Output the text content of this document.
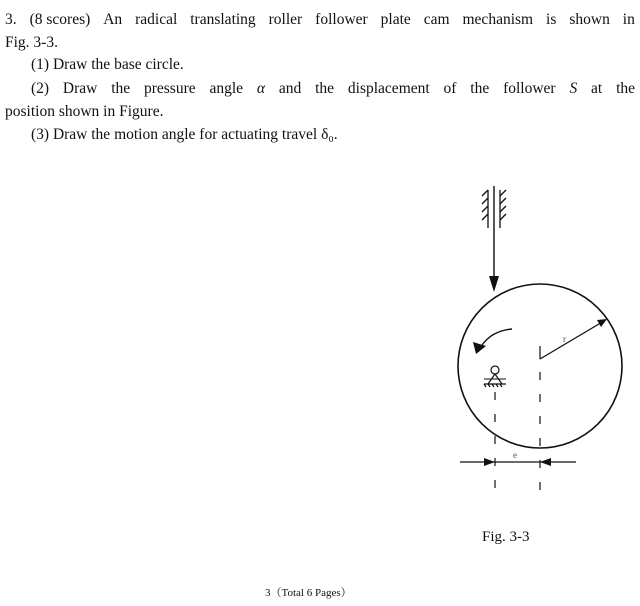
r
e
3. (8 scores) An radical translating roller follower plate cam mechanism is shown in
Fig. 3-3.
(1) Draw the base circle.
(2) Draw the pressure angle α and the displacement of the follower S at the
position shown in Figure.
(3) Draw the motion angle for actuating travel δ₀.
Fig. 3-3
3（Total 6 Pages）
